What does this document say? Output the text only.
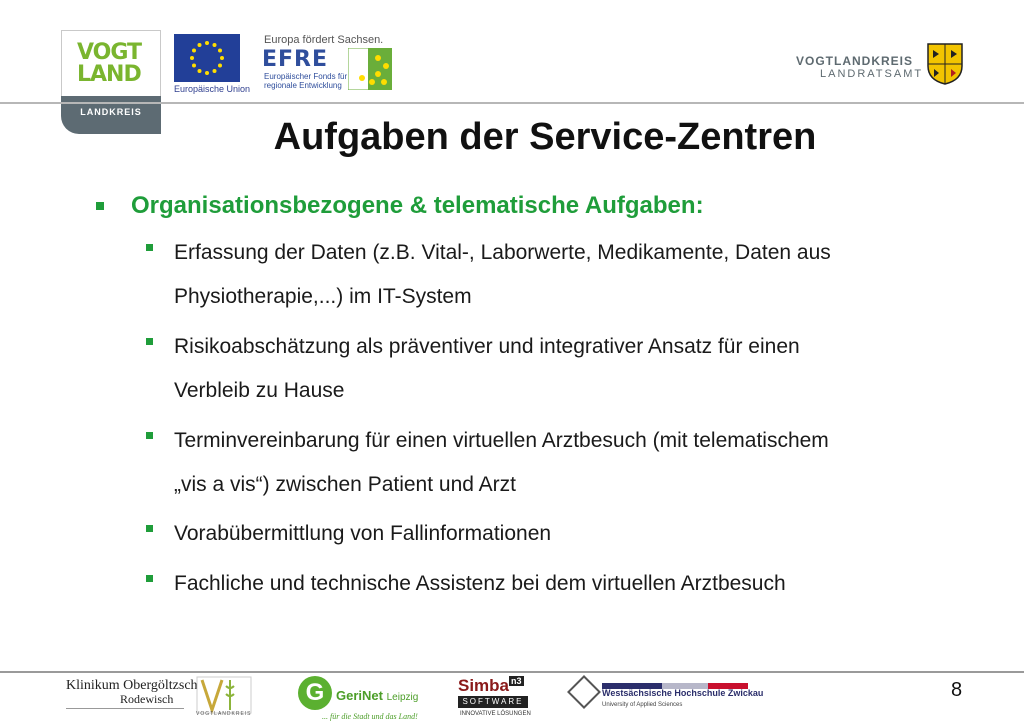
VOGT
LAND
LANDKREIS
Europäische Union
Europa fördert Sachsen.
EFRE
Europäischer Fonds für
regionale Entwicklung
VOGTLANDKREIS
LANDRATSAMT
Aufgaben der Service-Zentren
Organisationsbezogene & telematische Aufgaben:
Erfassung der Daten (z.B. Vital-, Laborwerte, Medikamente, Daten aus
Physiotherapie,...) im IT-System
Risikoabschätzung als präventiver und integrativer Ansatz für einen
Verbleib zu Hause
Terminvereinbarung für einen virtuellen Arztbesuch (mit telematischem
„vis a vis“) zwischen Patient und Arzt
Vorabübermittlung von Fallinformationen
Fachliche und technische Assistenz bei dem virtuellen Arztbesuch
Klinikum Obergöltzsch
Rodewisch
VOGTLANDKREIS
G GeriNet Leipzig
... für die Stadt und das Land!
Simba $^{n3}$
SOFTWARE
INNOVATIVE LÖSUNGEN
Westsächsische Hochschule Zwickau
University of Applied Sciences
8
